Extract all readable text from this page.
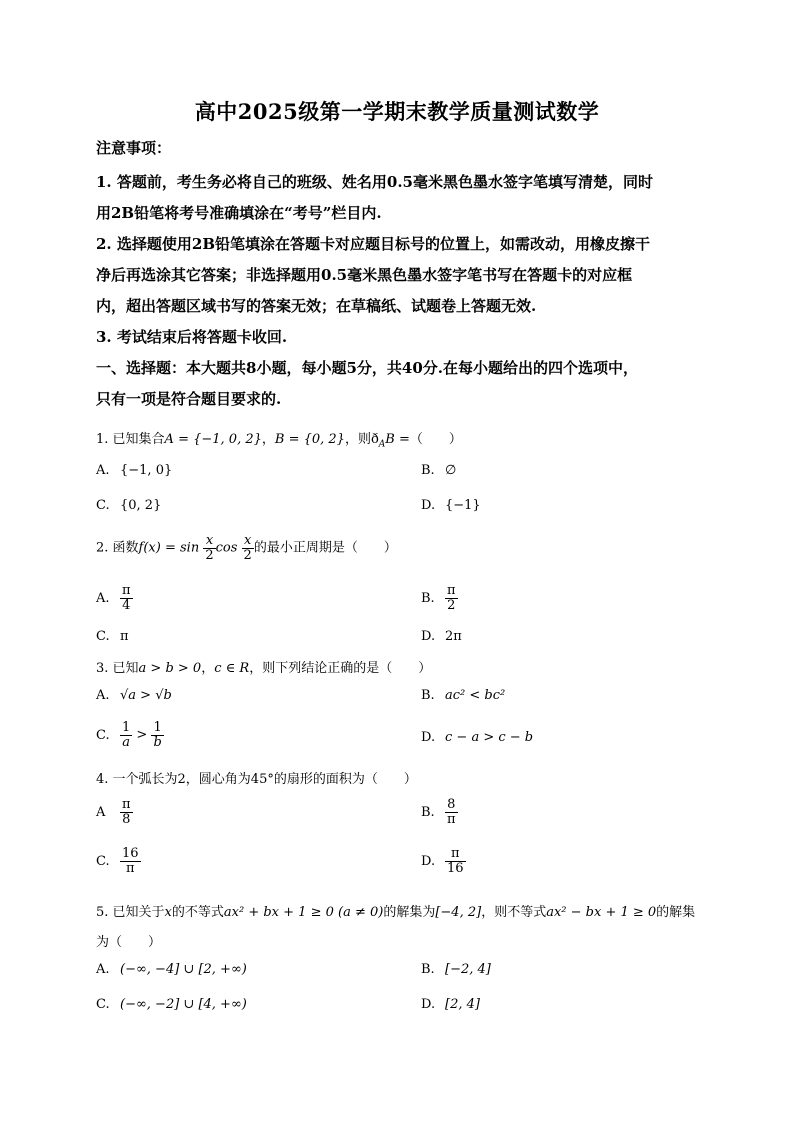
高中2025级第一学期末教学质量测试数学
注意事项：
1. 答题前，考生务必将自己的班级、姓名用0.5毫米黑色墨水签字笔填写清楚，同时
用2B铅笔将考号准确填涂在“考号”栏目内.
2. 选择题使用2B铅笔填涂在答题卡对应题目标号的位置上，如需改动，用橡皮擦干
净后再选涂其它答案；非选择题用0.5毫米黑色墨水签字笔书写在答题卡的对应框
内，超出答题区域书写的答案无效；在草稿纸、试题卷上答题无效.
3. 考试结束后将答题卡收回.
一、选择题：本大题共8小题，每小题5分，共40分.在每小题给出的四个选项中，
只有一项是符合题目要求的.
1. 已知集合A = {−1, 0, 2}，B = {0, 2}，则$ð_AB$ =（　　）
A. {−1, 0}	B. ∅
C. {0, 2}	D. {−1}
2. 函数$f(x) = \sin \frac{x}{2}$ $\cos \frac{x}{2}$ 的最小正周期是（　　）
A. $\frac{\pi}{4}$	B. $\frac{\pi}{2}$
C. π	D. 2π
3. 已知a > b > 0，c ∈ R，则下列结论正确的是（　　）
A. √a > √b	B. ac² < bc²
C. $\frac{1}{a} > \frac{1}{b}$	D. c − a > c − b
4. 一个弧长为2，圆心角为45°的扇形的面积为（　　）
A $\frac{\pi}{8}$	B. $\frac{8}{\pi}$
C. $\frac{16}{\pi}$	D. $\frac{\pi}{16}$
5. 已知关于x的不等式ax² + bx + 1 ≥ 0 (a ≠ 0)的解集为[−4, 2]，则不等式ax² − bx + 1 ≥ 0的解集
为（　　）
A. (−∞, −4] ∪ [2, +∞)	B. [−2, 4]
C. (−∞, −2] ∪ [4, +∞)	D. [2, 4]
